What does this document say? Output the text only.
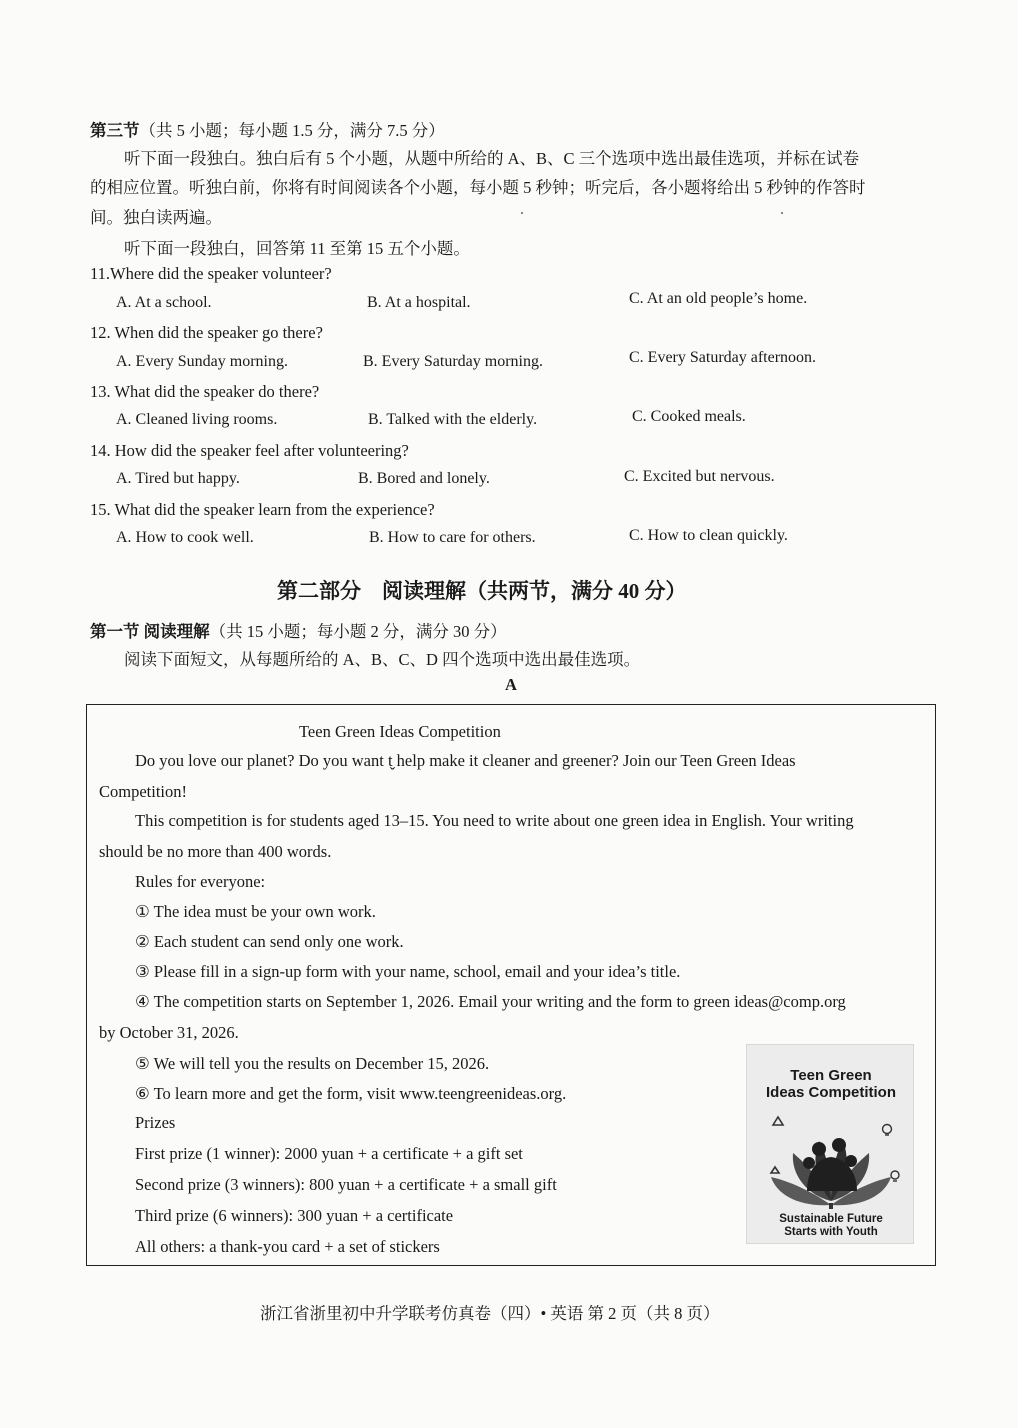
第三节（共 5 小题；每小题 1.5 分，满分 7.5 分）
听下面一段独白。独白后有 5 个小题，从题中所给的 A、B、C 三个选项中选出最佳选项，并标在试卷
的相应位置。听独白前，你将有时间阅读各个小题，每小题 5 秒钟；听完后，各小题将给出 5 秒钟的作答时
间。独白读两遍。
听下面一段独白，回答第 11 至第 15 五个小题。
11.Where did the speaker volunteer?
A. At a school.	B. At a hospital.	C. At an old people’s home.
12. When did the speaker go there?
A. Every Sunday morning.	B. Every Saturday morning.	C. Every Saturday afternoon.
13. What did the speaker do there?
A. Cleaned living rooms.	B. Talked with the elderly.	C. Cooked meals.
14. How did the speaker feel after volunteering?
A. Tired but happy.	B. Bored and lonely.	C. Excited but nervous.
15. What did the speaker learn from the experience?
A. How to cook well.	B. How to care for others.	C. How to clean quickly.
第二部分　阅读理解（共两节，满分 40 分）
第一节 阅读理解（共 15 小题；每小题 2 分，满分 30 分）
阅读下面短文，从每题所给的 A、B、C、D 四个选项中选出最佳选项。
A
Teen Green Ideas Competition
Do you love our planet? Do you want t̬ help make it cleaner and greener? Join our Teen Green Ideas
Competition!
This competition is for students aged 13–15. You need to write about one green idea in English. Your writing
should be no more than 400 words.
Rules for everyone:
① The idea must be your own work.
② Each student can send only one work.
③ Please fill in a sign-up form with your name, school, email and your idea’s title.
④ The competition starts on September 1, 2026. Email your writing and the form to green ideas@comp.org
by October 31, 2026.
⑤ We will tell you the results on December 15, 2026.
⑥ To learn more and get the form, visit www.teengreenideas.org.
Prizes
First prize (1 winner): 2000 yuan + a certificate + a gift set
Second prize (3 winners): 800 yuan + a certificate + a small gift
Third prize (6 winners): 300 yuan + a certificate
All others: a thank-you card + a set of stickers
Teen Green
Ideas Competition
Sustainable Future
Starts with Youth
浙江省浙里初中升学联考仿真卷（四）• 英语 第 2 页（共 8 页）
